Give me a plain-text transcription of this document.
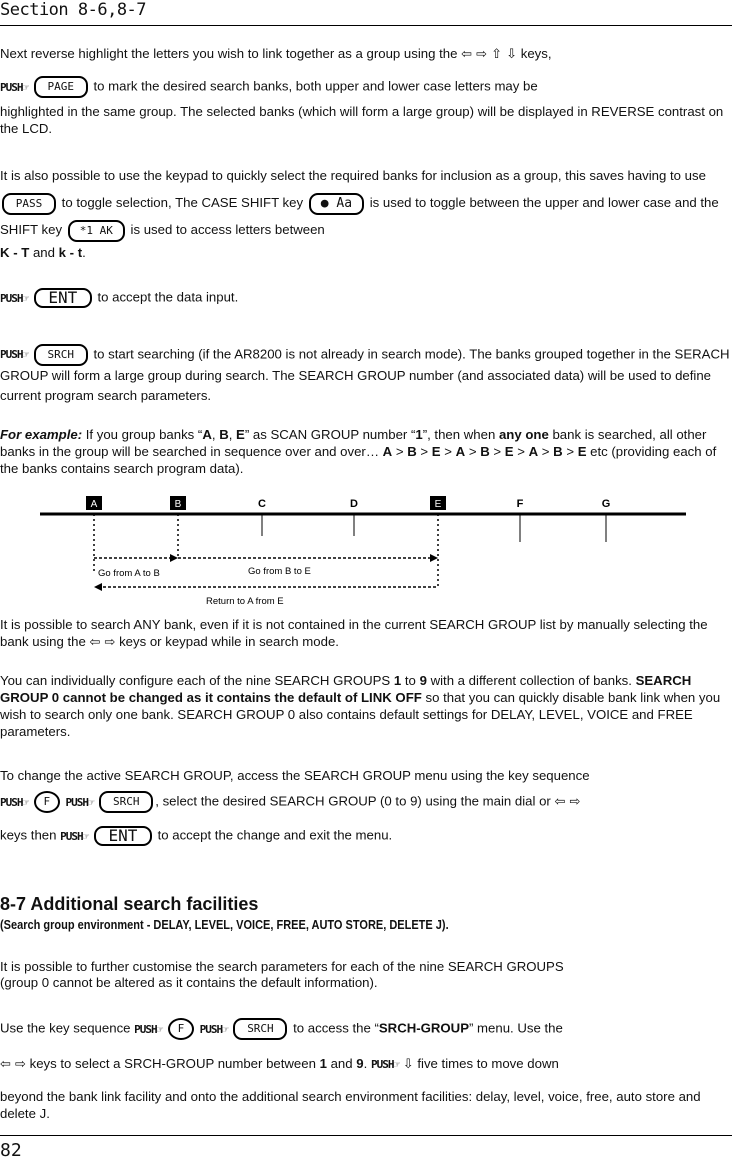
Section 8-6,8-7
Next reverse highlight the letters you wish to link together as a group using the ⇦ ⇨ ⇧ ⇩ keys,
PUSH☞ PAGE to mark the desired search banks, both upper and lower case letters may be
highlighted in the same group. The selected banks (which will form a large group) will be displayed in REVERSE contrast on the LCD.
It is also possible to use the keypad to quickly select the required banks for inclusion as a group, this saves having to use PASS to toggle selection, The CASE SHIFT key ● Aa is used to toggle between the upper and lower case and the SHIFT key *1 AK is used to access letters between
K - T and k - t.
PUSH☞ ENT to accept the data input.
PUSH☞ SRCH to start searching (if the AR8200 is not already in search mode). The banks grouped together in the SERACH GROUP will form a large group during search. The SEARCH GROUP number (and associated data) will be used to define current program search parameters.
For example: If you group banks “A, B, E” as SCAN GROUP number “1”, then when any one bank is searched, all other banks in the group will be searched in sequence over and over… A > B > E > A > B > E > A > B > E etc (providing each of the banks contains search program data).
A	B	C	D	E	F	G
Go from A to B	Go from B to E
Return to A from E
It is possible to search ANY bank, even if it is not contained in the current SEARCH GROUP list by manually selecting the bank using the ⇦ ⇨ keys or keypad while in search mode.
You can individually configure each of the nine SEARCH GROUPS 1 to 9 with a different collection of banks. SEARCH GROUP 0 cannot be changed as it contains the default of LINK OFF so that you can quickly disable bank link when you wish to search only one bank. SEARCH GROUP 0 also contains default settings for DELAY, LEVEL, VOICE and FREE parameters.
To change the active SEARCH GROUP, access the SEARCH GROUP menu using the key sequence
PUSH☞ F PUSH☞ SRCH , select the desired SEARCH GROUP (0 to 9) using the main dial or ⇦ ⇨
keys then PUSH☞ ENT to accept the change and exit the menu.
8-7 Additional search facilities
(Search group environment - DELAY, LEVEL, VOICE, FREE, AUTO STORE, DELETE J).
It is possible to further customise the search parameters for each of the nine SEARCH GROUPS
(group 0 cannot be altered as it contains the default information).
Use the key sequence PUSH☞ F PUSH☞ SRCH to access the “SRCH-GROUP” menu. Use the
⇦ ⇨ keys to select a SRCH-GROUP number between 1 and 9. PUSH☞ ⇩ five times to move down
beyond the bank link facility and onto the additional search environment facilities: delay, level, voice, free, auto store and delete J.
82
